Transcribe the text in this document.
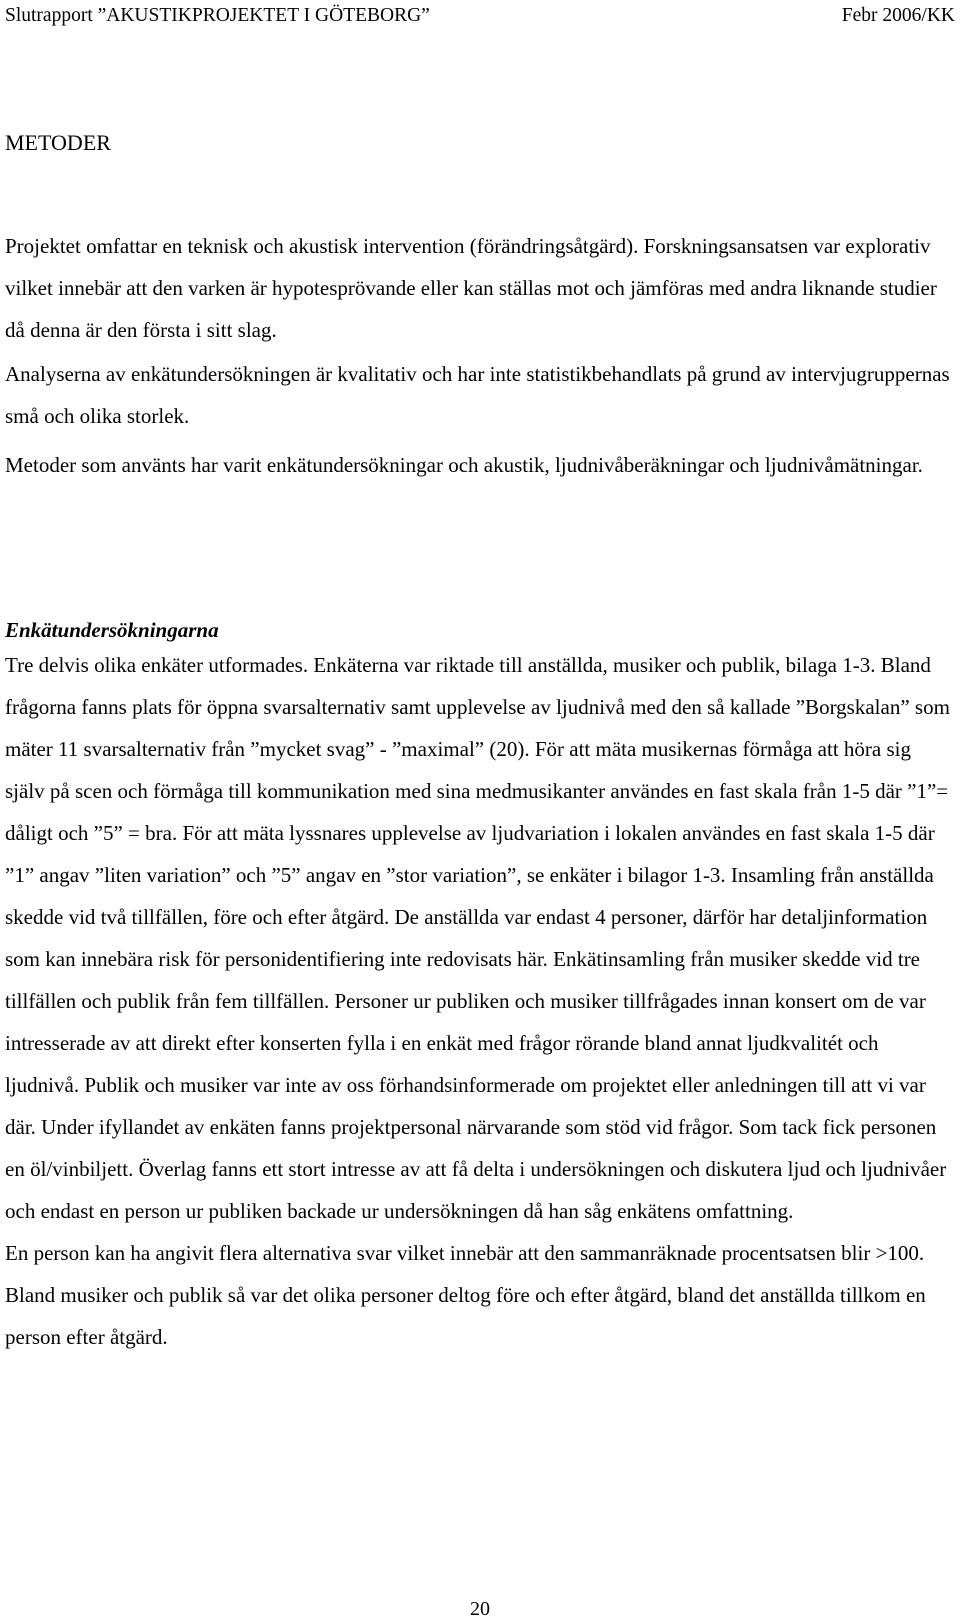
Slutrapport ”AKUSTIKPROJEKTET I GÖTEBORG”	Febr 2006/KK
METODER

Projektet omfattar en teknisk och akustisk intervention (förändringsåtgärd). Forskningsansatsen var explorativ vilket innebär att den varken är hypotesprövande eller kan ställas mot och jämföras med andra liknande studier då denna är den första i sitt slag.

Analyserna av enkätundersökningen är kvalitativ och har inte statistikbehandlats på grund av intervjugruppernas små och olika storlek.

Metoder som använts har varit enkätundersökningar och akustik, ljudnivåberäkningar och ljudnivåmätningar.

Enkätundersökningarna

Tre delvis olika enkäter utformades. Enkäterna var riktade till anställda, musiker och publik, bilaga 1-3. Bland frågorna fanns plats för öppna svarsalternativ samt upplevelse av ljudnivå med den så kallade ”Borgskalan” som mäter 11 svarsalternativ från ”mycket svag” - ”maximal” (20). För att mäta musikernas förmåga att höra sig själv på scen och förmåga till kommunikation med sina medmusikanter användes en fast skala från 1-5 där ”1”= dåligt och ”5” = bra. För att mäta lyssnares upplevelse av ljudvariation i lokalen användes en fast skala 1-5 där ”1” angav ”liten variation” och ”5” angav en ”stor variation”, se enkäter i bilagor 1-3. Insamling från anställda skedde vid två tillfällen, före och efter åtgärd. De anställda var endast 4 personer, därför har detaljinformation som kan innebära risk för personidentifiering inte redovisats här. Enkätinsamling från musiker skedde vid tre tillfällen och publik från fem tillfällen. Personer ur publiken och musiker tillfrågades innan konsert om de var intresserade av att direkt efter konserten fylla i en enkät med frågor rörande bland annat ljudkvalitét och ljudnivå. Publik och musiker var inte av oss förhandsinformerade om projektet eller anledningen till att vi var där. Under ifyllandet av enkäten fanns projektpersonal närvarande som stöd vid frågor. Som tack fick personen en öl/vinbiljett. Överlag fanns ett stort intresse av att få delta i undersökningen och diskutera ljud och ljudnivåer och endast en person ur publiken backade ur undersökningen då han såg enkätens omfattning.

En person kan ha angivit flera alternativa svar vilket innebär att den sammanräknade procentsatsen blir >100. Bland musiker och publik så var det olika personer deltog före och efter åtgärd, bland det anställda tillkom en person efter åtgärd.

20
